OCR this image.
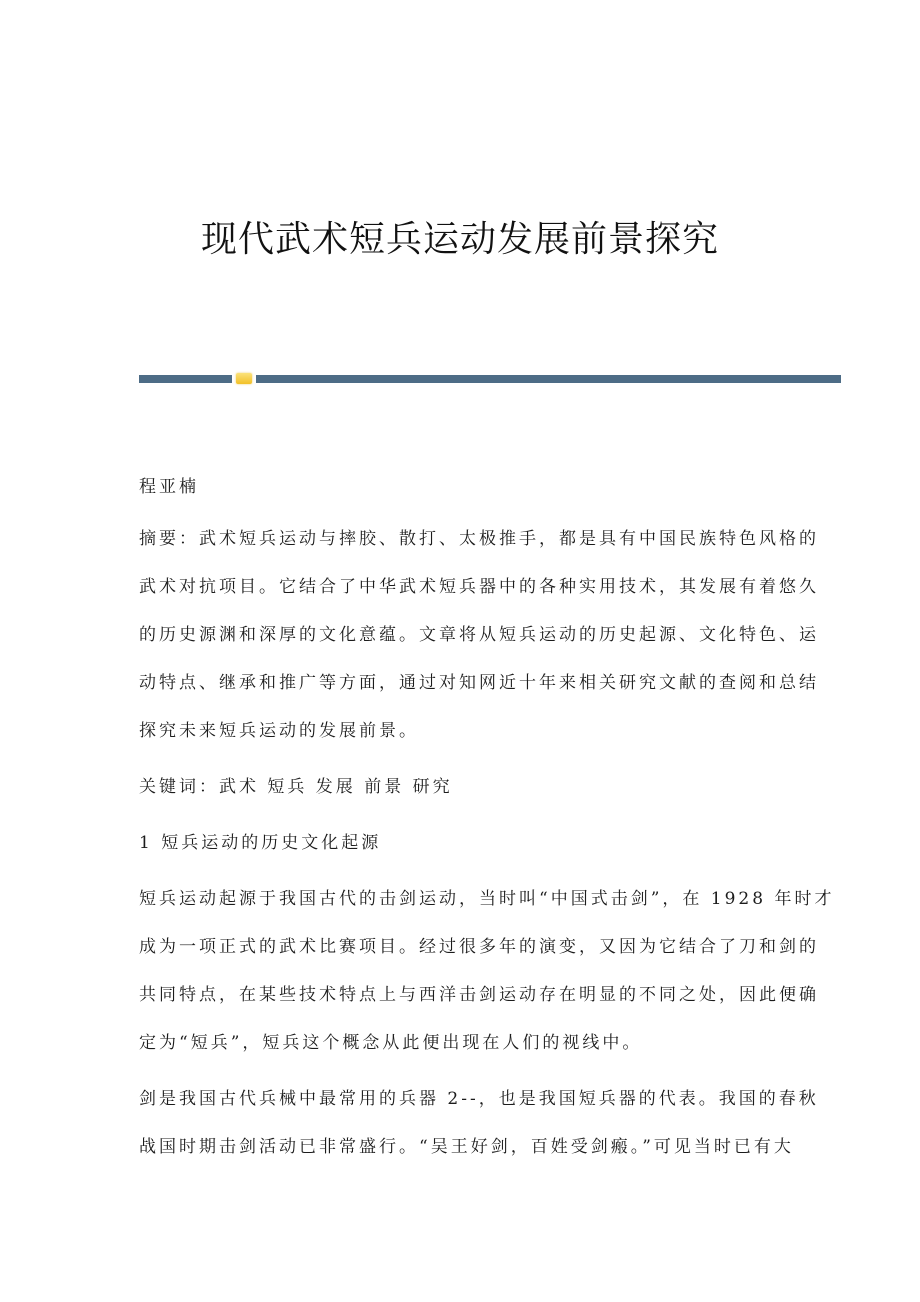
现代武术短兵运动发展前景探究

程亚楠

摘要：武术短兵运动与摔胶、散打、太极推手，都是具有中国民族特色风格的
武术对抗项目。它结合了中华武术短兵器中的各种实用技术，其发展有着悠久
的历史源渊和深厚的文化意蕴。文章将从短兵运动的历史起源、文化特色、运
动特点、继承和推广等方面，通过对知网近十年来相关研究文献的查阅和总结
探究未来短兵运动的发展前景。

关键词：武术 短兵 发展 前景 研究

1 短兵运动的历史文化起源
短兵运动起源于我国古代的击剑运动，当时叫“中国式击剑”，在 1928 年时才
成为一项正式的武术比赛项目。经过很多年的演变，又因为它结合了刀和剑的
共同特点，在某些技术特点上与西洋击剑运动存在明显的不同之处，因此便确
定为“短兵”，短兵这个概念从此便出现在人们的视线中。
剑是我国古代兵械中最常用的兵器 2--，也是我国短兵器的代表。我国的春秋
战国时期击剑活动已非常盛行。“吴王好剑，百姓受剑瘢。”可见当时已有大
